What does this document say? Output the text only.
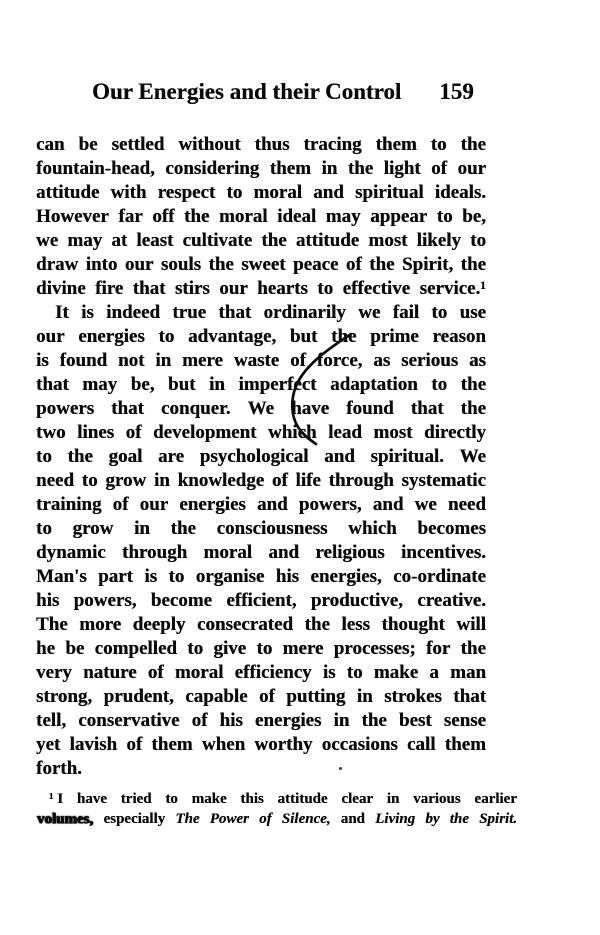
Our Energies and their Control 159
can be settled without thus tracing them to the
fountain-head, considering them in the light of our
attitude with respect to moral and spiritual ideals.
However far off the moral ideal may appear to be,
we may at least cultivate the attitude most likely to
draw into our souls the sweet peace of the Spirit, the
divine fire that stirs our hearts to effective service.¹
It is indeed true that ordinarily we fail to use
our energies to advantage, but the prime reason
is found not in mere waste of force, as serious as
that may be, but in imperfect adaptation to the
powers that conquer. We have found that the
two lines of development which lead most directly
to the goal are psychological and spiritual. We
need to grow in knowledge of life through systematic
training of our energies and powers, and we need
to grow in the consciousness which becomes
dynamic through moral and religious incentives.
Man's part is to organise his energies, co-ordinate
his powers, become efficient, productive, creative.
The more deeply consecrated the less thought will
he be compelled to give to mere processes; for the
very nature of moral efficiency is to make a man
strong, prudent, capable of putting in strokes that
tell, conservative of his energies in the best sense
yet lavish of them when worthy occasions call them
forth.
¹ I have tried to make this attitude clear in various earlier
volumes, especially The Power of Silence, and Living by the Spirit.
